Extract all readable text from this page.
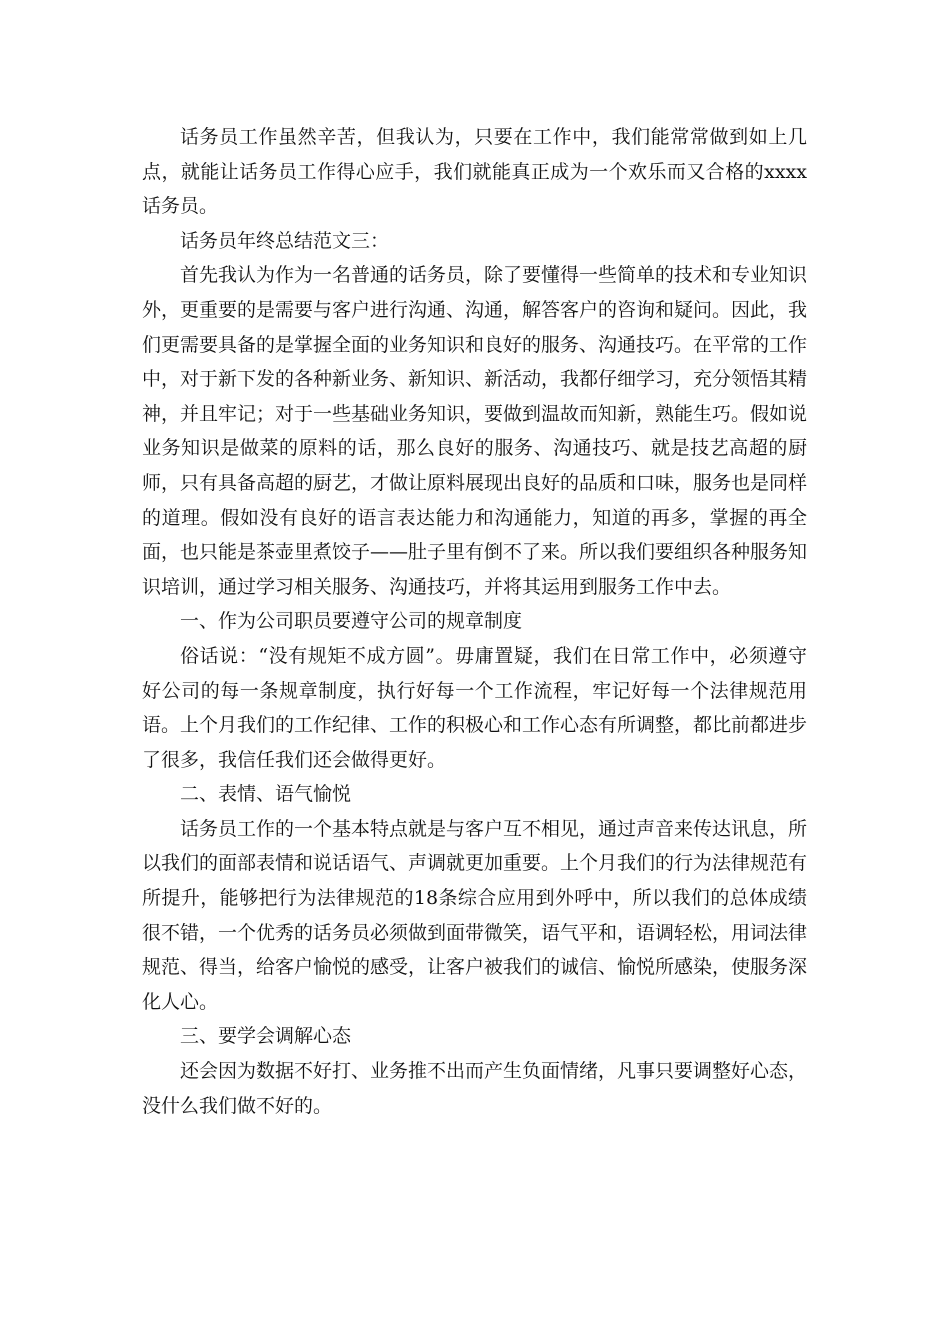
话务员工作虽然辛苦，但我认为，只要在工作中，我们能常常做到如上几点，就能让话务员工作得心应手，我们就能真正成为一个欢乐而又合格的xxxx话务员。

话务员年终总结范文三：

首先我认为作为一名普通的话务员，除了要懂得一些简单的技术和专业知识外，更重要的是需要与客户进行沟通、沟通，解答客户的咨询和疑问。因此，我们更需要具备的是掌握全面的业务知识和良好的服务、沟通技巧。在平常的工作中，对于新下发的各种新业务、新知识、新活动，我都仔细学习，充分领悟其精神，并且牢记；对于一些基础业务知识，要做到温故而知新，熟能生巧。假如说业务知识是做菜的原料的话，那么良好的服务、沟通技巧、就是技艺高超的厨师，只有具备高超的厨艺，才做让原料展现出良好的品质和口味，服务也是同样的道理。假如没有良好的语言表达能力和沟通能力，知道的再多，掌握的再全面，也只能是茶壶里煮饺子——肚子里有倒不了来。所以我们要组织各种服务知识培训，通过学习相关服务、沟通技巧，并将其运用到服务工作中去。

一、作为公司职员要遵守公司的规章制度

俗话说：“没有规矩不成方圆”。毋庸置疑，我们在日常工作中，必须遵守好公司的每一条规章制度，执行好每一个工作流程，牢记好每一个法律规范用语。上个月我们的工作纪律、工作的积极心和工作心态有所调整，都比前都进步了很多，我信任我们还会做得更好。

二、表情、语气愉悦

话务员工作的一个基本特点就是与客户互不相见，通过声音来传达讯息，所以我们的面部表情和说话语气、声调就更加重要。上个月我们的行为法律规范有所提升，能够把行为法律规范的18条综合应用到外呼中，所以我们的总体成绩很不错，一个优秀的话务员必须做到面带微笑，语气平和，语调轻松，用词法律规范、得当，给客户愉悦的感受，让客户被我们的诚信、愉悦所感染，使服务深化人心。

三、要学会调解心态

还会因为数据不好打、业务推不出而产生负面情绪，凡事只要调整好心态，没什么我们做不好的。
